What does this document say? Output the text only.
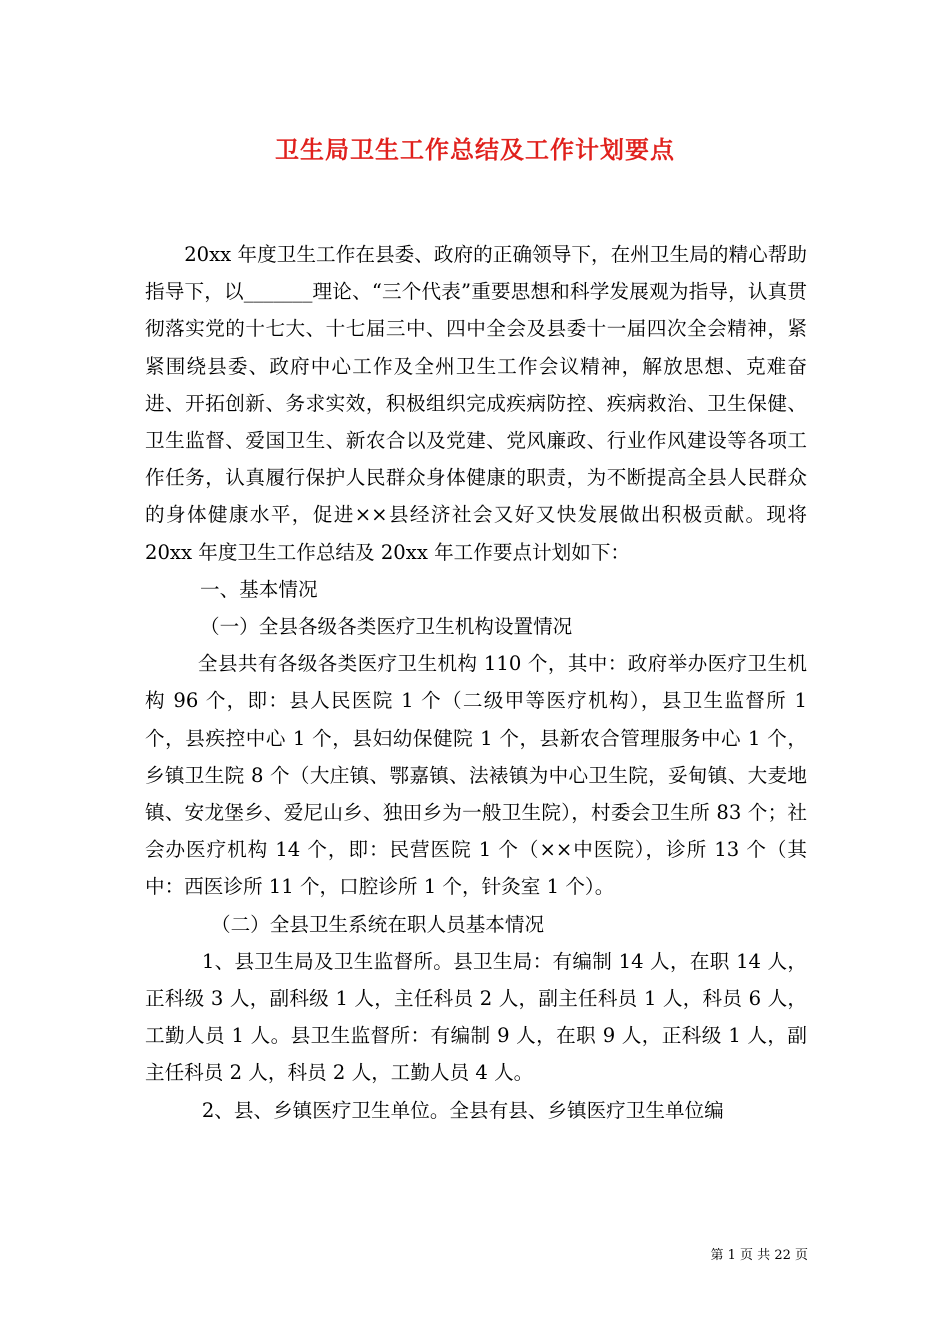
卫生局卫生工作总结及工作计划要点

20xx 年度卫生工作在县委、政府的正确领导下，在州卫生局的精心帮助指导下，以_______理论、“三个代表”重要思想和科学发展观为指导，认真贯彻落实党的十七大、十七届三中、四中全会及县委十一届四次全会精神，紧紧围绕县委、政府中心工作及全州卫生工作会议精神，解放思想、克难奋进、开拓创新、务求实效，积极组织完成疾病防控、疾病救治、卫生保健、卫生监督、爱国卫生、新农合以及党建、党风廉政、行业作风建设等各项工作任务，认真履行保护人民群众身体健康的职责，为不断提高全县人民群众的身体健康水平，促进××县经济社会又好又快发展做出积极贡献。现将 20xx 年度卫生工作总结及 20xx 年工作要点计划如下：

一、基本情况

（一）全县各级各类医疗卫生机构设置情况

全县共有各级各类医疗卫生机构 110 个，其中：政府举办医疗卫生机构 96 个，即：县人民医院 1 个（二级甲等医疗机构），县卫生监督所 1 个，县疾控中心 1 个，县妇幼保健院 1 个，县新农合管理服务中心 1 个，乡镇卫生院 8 个（大庄镇、鄂嘉镇、法裱镇为中心卫生院，妥甸镇、大麦地镇、安龙堡乡、爱尼山乡、独田乡为一般卫生院），村委会卫生所 83 个；社会办医疗机构 14 个，即：民营医院 1 个（××中医院），诊所 13 个（其中：西医诊所 11 个，口腔诊所 1 个，针灸室 1 个）。

（二）全县卫生系统在职人员基本情况

1、县卫生局及卫生监督所。县卫生局：有编制 14 人，在职 14 人，正科级 3 人，副科级 1 人，主任科员 2 人，副主任科员 1 人，科员 6 人，工勤人员 1 人。县卫生监督所：有编制 9 人，在职 9 人，正科级 1 人，副主任科员 2 人，科员 2 人，工勤人员 4 人。

2、县、乡镇医疗卫生单位。全县有县、乡镇医疗卫生单位编

第 1 页 共 22 页
